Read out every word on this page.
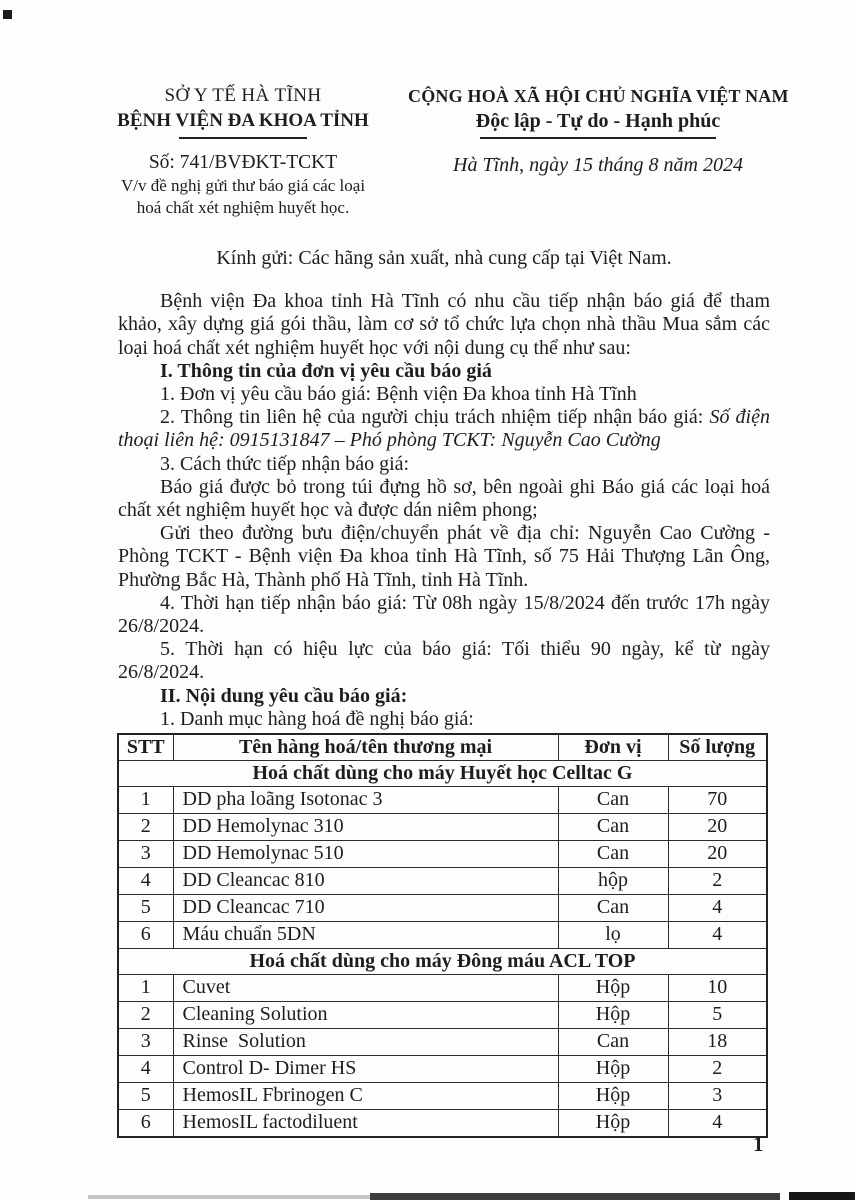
SỞ Y TẾ HÀ TĨNH
BỆNH VIỆN ĐA KHOA TỈNH
Số: 741/BVĐKT-TCKT
V/v đề nghị gửi thư báo giá các loại
hoá chất xét nghiệm huyết học.
CỘNG HOÀ XÃ HỘI CHỦ NGHĨA VIỆT NAM
Độc lập - Tự do - Hạnh phúc
Hà Tĩnh, ngày 15 tháng 8 năm 2024

Kính gửi: Các hãng sản xuất, nhà cung cấp tại Việt Nam.

Bệnh viện Đa khoa tỉnh Hà Tĩnh có nhu cầu tiếp nhận báo giá để tham khảo, xây dựng giá gói thầu, làm cơ sở tổ chức lựa chọn nhà thầu Mua sắm các loại hoá chất xét nghiệm huyết học với nội dung cụ thể như sau:

I. Thông tin của đơn vị yêu cầu báo giá

1. Đơn vị yêu cầu báo giá: Bệnh viện Đa khoa tỉnh Hà Tĩnh

2. Thông tin liên hệ của người chịu trách nhiệm tiếp nhận báo giá: Số điện thoại liên hệ: 0915131847 – Phó phòng TCKT: Nguyễn Cao Cường

3. Cách thức tiếp nhận báo giá:

Báo giá được bỏ trong túi đựng hồ sơ, bên ngoài ghi Báo giá các loại hoá chất xét nghiệm huyết học và được dán niêm phong;

Gửi theo đường bưu điện/chuyển phát về địa chỉ: Nguyễn Cao Cường - Phòng TCKT - Bệnh viện Đa khoa tỉnh Hà Tĩnh, số 75 Hải Thượng Lãn Ông, Phường Bắc Hà, Thành phố Hà Tĩnh, tỉnh Hà Tĩnh.

4. Thời hạn tiếp nhận báo giá: Từ 08h ngày 15/8/2024 đến trước 17h ngày 26/8/2024.

5. Thời hạn có hiệu lực của báo giá: Tối thiểu 90 ngày, kể từ ngày 26/8/2024.

II. Nội dung yêu cầu báo giá:

1. Danh mục hàng hoá đề nghị báo giá:

STT	Tên hàng hoá/tên thương mại	Đơn vị	Số lượng
Hoá chất dùng cho máy Huyết học Celltac G			
1	DD pha loãng Isotonac 3	Can	70
2	DD Hemolynac 310	Can	20
3	DD Hemolynac 510	Can	20
4	DD Cleancac 810	hộp	2
5	DD Cleancac 710	Can	4
6	Máu chuẩn 5DN	lọ	4
Hoá chất dùng cho máy Đông máu ACL TOP			
1	Cuvet	Hộp	10
2	Cleaning Solution	Hộp	5
3	Rinse  Solution	Can	18
4	Control D- Dimer HS	Hộp	2
5	HemosIL Fbrinogen C	Hộp	3
6	HemosIL factodiluent	Hộp	4
1
